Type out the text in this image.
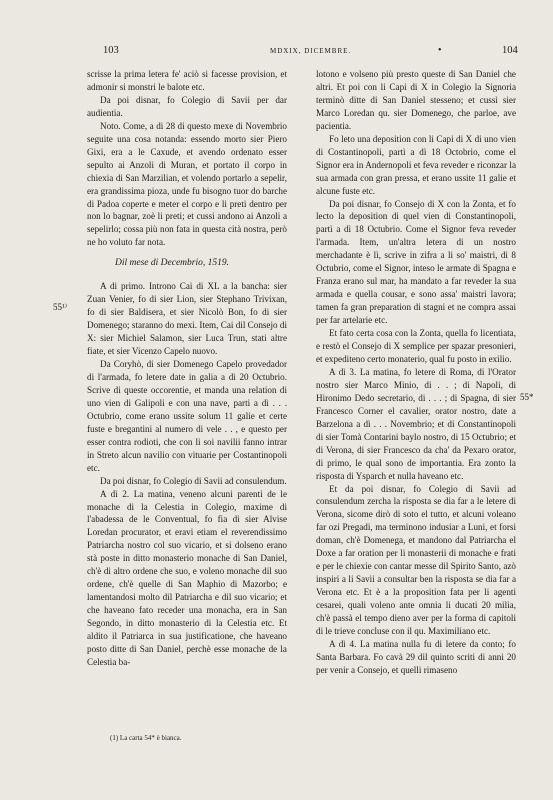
103	MDXIX, DICEMBRE.	•	104
55¹⁾
55*

scrisse la prima letera fe' aciò si facesse provision, et admonir si monstri le balote etc.

Da poi disnar, fo Colegio di Savii per dar audientia.

Noto. Come, a di 28 di questo mexe di Novembrio seguite una cosa notanda: essendo morto sier Piero Gixi, era a le Caxude, et avendo ordenato esser sepulto ai Anzoli di Muran, et portato il corpo in chiexia di San Marzilian, et volendo portarlo a sepelir, era grandissima pioza, unde fu bisogno tuor do barche di Padoa coperte e meter el corpo e li preti dentro per non lo bagnar, zoè li preti; et cussi andono ai Anzoli a sepelirlo; cossa più non fata in questa cità nostra, però ne ho voluto far nota.

Dil mese di Decembrio, 1519.

A di primo. Introno Cai di XL a la bancha: sier Zuan Venier, fo di sier Lion, sier Stephano Trivixan, fo di sier Baldisera, et sier Nicolò Bon, fo di sier Domenego; staranno do mexi. Item, Cai dil Consejo di X: sier Michiel Salamon, sier Luca Trun, stati altre fiate, et sier Vicenzo Capelo nuovo.

Da Coryhò, di sier Domenego Capelo provedador di l'armada, fo letere date in galia a dì 20 Octubrio. Scrive di queste occorentie, et manda una relation di uno vien di Galipoli e con una nave, parti a dì . . . Octubrio, come erano ussite solum 11 galie et certe fuste e bregantini al numero di vele . . , e questo per esser contra rodioti, che con li soi navilii fanno intrar in Streto alcun navilio con vituarie per Costantinopoli etc.

Da poi disnar, fo Colegio di Savii ad consulendum.

A dì 2. La matina, veneno alcuni parenti de le monache di la Celestia in Colegio, maxime di l'abadessa de le Conventual, fo fia di sier Alvise Loredan procurator, et eravi etiam el reverendissimo Patriarcha nostro col suo vicario, et si dolseno erano stà poste in ditto monasterio monache di San Daniel, ch'è di altro ordene che suo, e voleno monache dil suo ordene, ch'è quelle di San Maphio di Mazorbo; e lamentandosi molto dil Patriarcha e dil suo vicario; et che haveano fato receder una monacha, era in San Segondo, in ditto monasterio di la Celestia etc. Et aldito il Patriarca in sua justificatione, che haveano posto ditte di San Daniel, perchè esse monache de la Celestia ba-

lotono e volseno più presto queste di San Daniel che altri. Et poi con li Capi di X in Colegio la Signoria terminò ditte di San Daniel stesseno; et cussì sier Marco Loredan qu. sier Domenego, che parloe, ave pacientia.

Fo leto una deposition con li Capi di X di uno vien di Costantinopoli, partì a dì 18 Octobrio, come el Signor era in Andernopoli et feva reveder e riconzar la sua armada con gran pressa, et erano ussite 11 galie et alcune fuste etc.

Da poi disnar, fo Consejo di X con la Zonta, et fo lecto la deposition di quel vien di Constantinopoli, partì a dì 18 Octubrio. Come el Signor feva reveder l'armada. Item, un'altra letera di un nostro merchadante è lì, scrive in zifra a li so' maistri, di 8 Octubrio, come el Signor, inteso le armate di Spagna e Franza erano sul mar, ha mandato a far reveder la sua armada e quella cousar, e sono assa' maistri lavora; tamen fa gran preparation di stagni et ne compra assai per far artelarie etc.

Et fato certa cosa con la Zonta, quella fo licentiata, e restò el Consejo di X semplice per spazar presonieri, et expediteno certo monaterio, qual fu posto in exilio.

A dì 3. La matina, fo letere di Roma, di l'Orator nostro sier Marco Minio, di . . ; di Napoli, di Hironimo Dedo secretario, di . . . ; di Spagna, di sier Francesco Corner el cavalier, orator nostro, date a Barzelona a dì . . . Novembrio; et di Constantinopoli di sier Tomà Contarini baylo nostro, di 15 Octubrio; et di Verona, di sier Francesco da cha' da Pexaro orator, di primo, le qual sono de importantia. Era zonto la risposta di Ysparch et nulla haveano etc.

Et da poi disnar, fo Colegio di Savii ad consulendum zercha la risposta se dia far a le letere di Verona, sicome dirò di soto el tutto, et alcuni voleano far ozi Pregadi, ma terminono indusiar a Luni, et forsi doman, ch'è Domenega, et mandono dal Patriarcha el Doxe a far oration per li monasterii di monache e frati e per le chiexie con cantar messe dil Spirito Santo, azò inspiri a li Savii a consultar ben la risposta se dia far a Verona etc. Et è a la proposition fata per li agenti cesarei, quali voleno ante omnia li ducati 20 milia, ch'è passà el tempo dieno aver per la forma di capitoli di le trieve concluse con il qu. Maximiliano etc.

A dì 4. La matina nulla fu di letere da conto; fo Santa Barbara. Fo cavà 29 dil quinto scriti di anni 20 per venir a Consejo, et quelli rimaseno

(1) La carta 54* è bianca.
